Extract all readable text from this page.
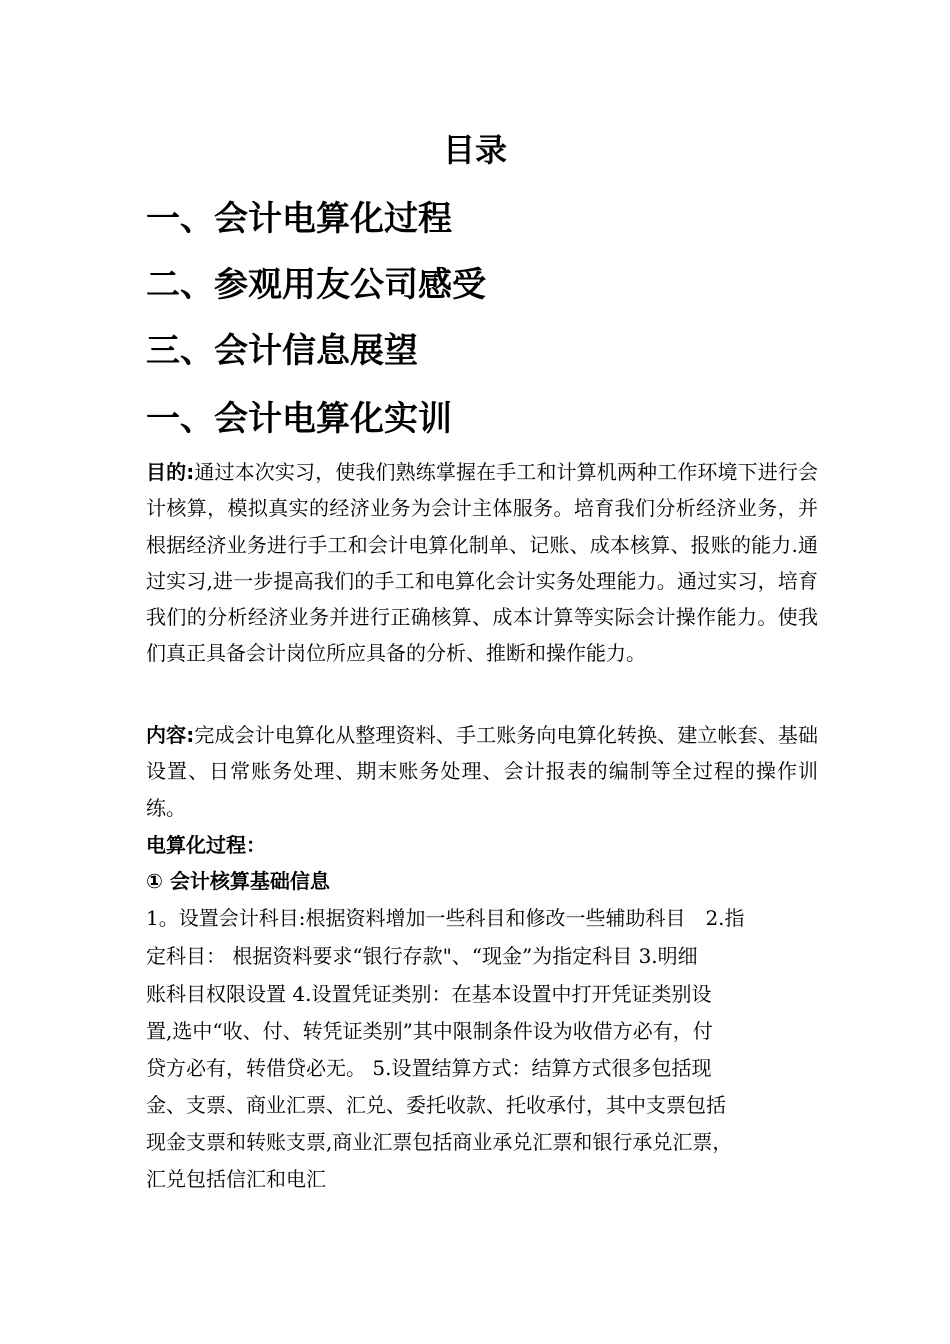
目录
一、会计电算化过程
二、参观用友公司感受
三、会计信息展望
一、会计电算化实训
目的:通过本次实习，使我们熟练掌握在手工和计算机两种工作环境下进行会计核算，模拟真实的经济业务为会计主体服务。培育我们分析经济业务，并根据经济业务进行手工和会计电算化制单、记账、成本核算、报账的能力.通过实习,进一步提高我们的手工和电算化会计实务处理能力。通过实习，培育我们的分析经济业务并进行正确核算、成本计算等实际会计操作能力。使我们真正具备会计岗位所应具备的分析、推断和操作能力。
内容:完成会计电算化从整理资料、手工账务向电算化转换、建立帐套、基础设置、日常账务处理、期末账务处理、会计报表的编制等全过程的操作训练。
电算化过程：
① 会计核算基础信息
1。设置会计科目:根据资料增加一些科目和修改一些辅助科目　2.指
定科目： 根据资料要求“银行存款"、“现金”为指定科目 3.明细
账科目权限设置 4.设置凭证类别：在基本设置中打开凭证类别设
置,选中“收、付、转凭证类别”其中限制条件设为收借方必有，付
贷方必有，转借贷必无。 5.设置结算方式：结算方式很多包括现
金、支票、商业汇票、汇兑、委托收款、托收承付，其中支票包括
现金支票和转账支票,商业汇票包括商业承兑汇票和银行承兑汇票，
汇兑包括信汇和电汇
